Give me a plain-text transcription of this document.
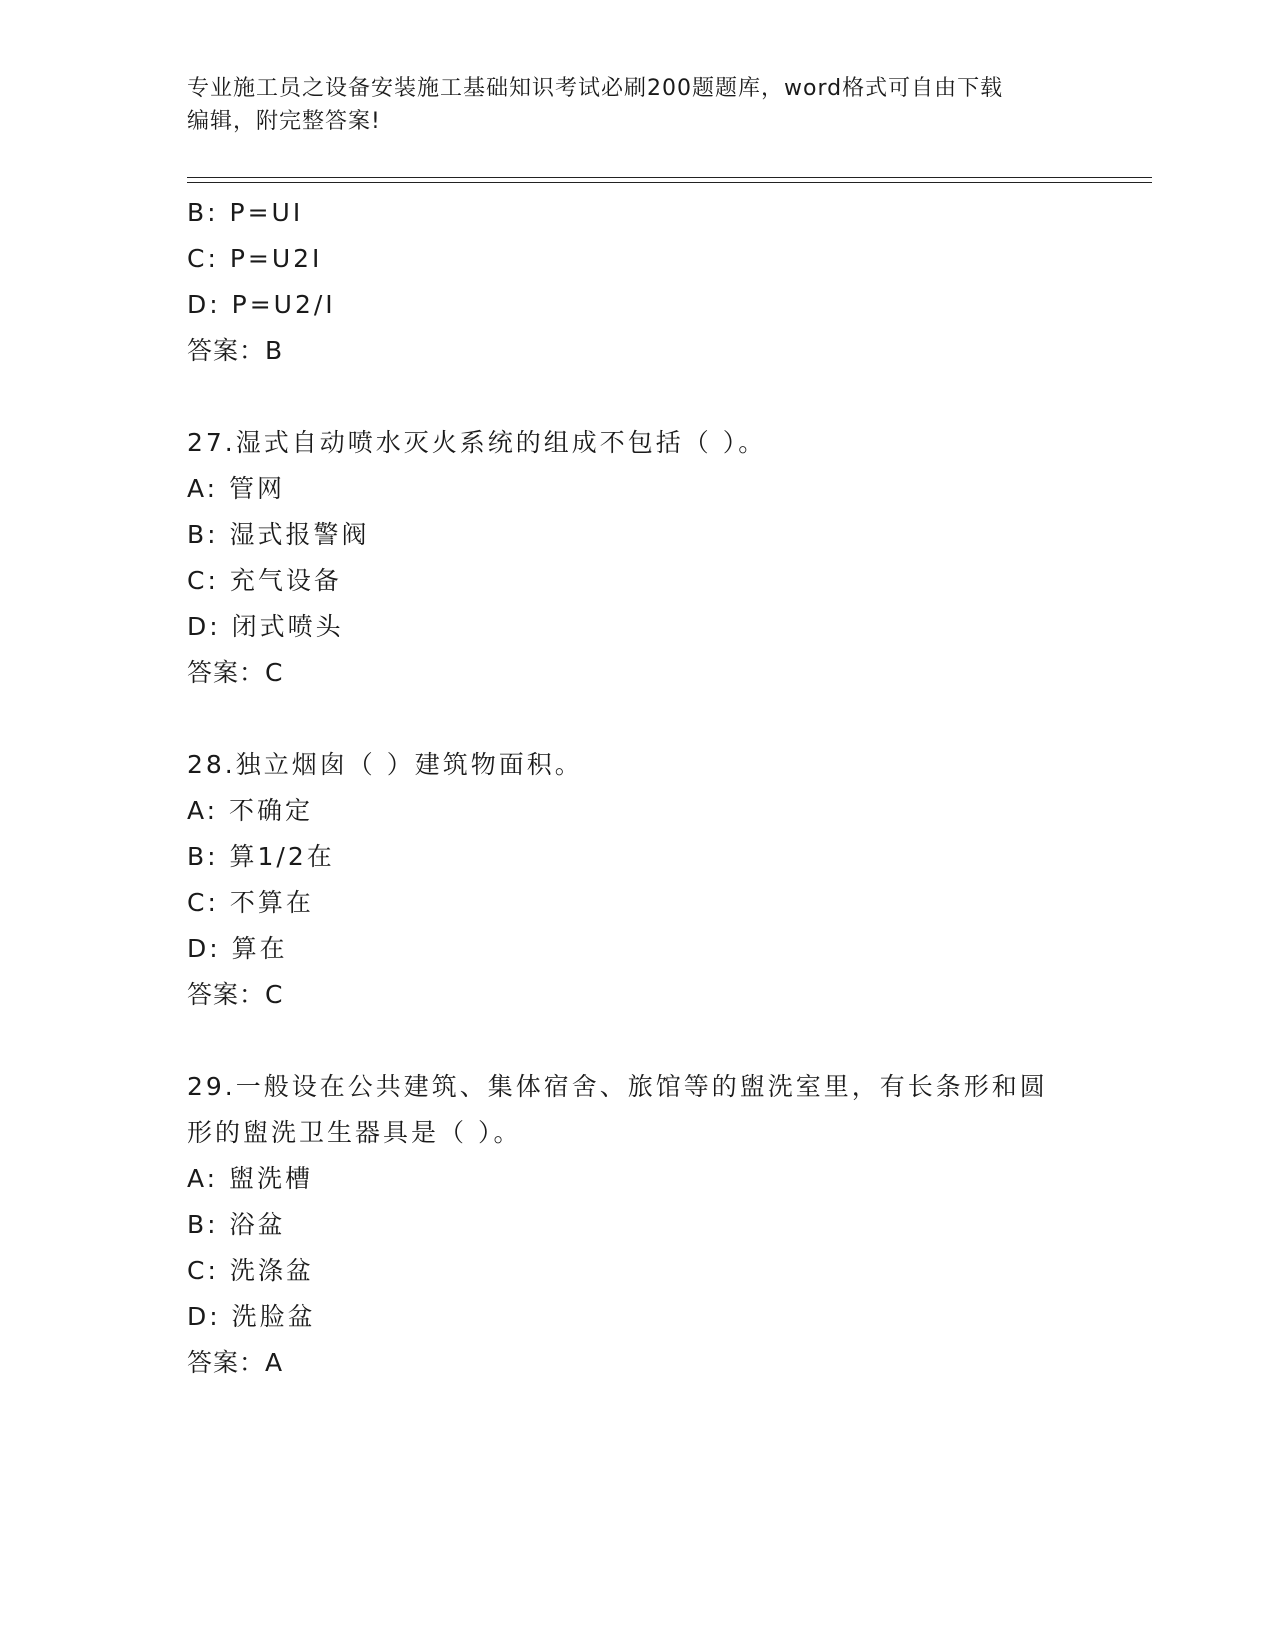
专业施工员之设备安装施工基础知识考试必刷200题题库，word格式可自由下载
编辑，附完整答案!
B: P=UI
C: P=U2I
D: P=U2/I
答案：B
27.湿式自动喷水灭火系统的组成不包括（ ）。
A: 管网
B: 湿式报警阀
C: 充气设备
D: 闭式喷头
答案：C
28.独立烟囱（ ）建筑物面积。
A: 不确定
B: 算1/2在
C: 不算在
D: 算在
答案：C
29.一般设在公共建筑、集体宿舍、旅馆等的盥洗室里，有长条形和圆
形的盥洗卫生器具是（ ）。
A: 盥洗槽
B: 浴盆
C: 洗涤盆
D: 洗脸盆
答案：A
